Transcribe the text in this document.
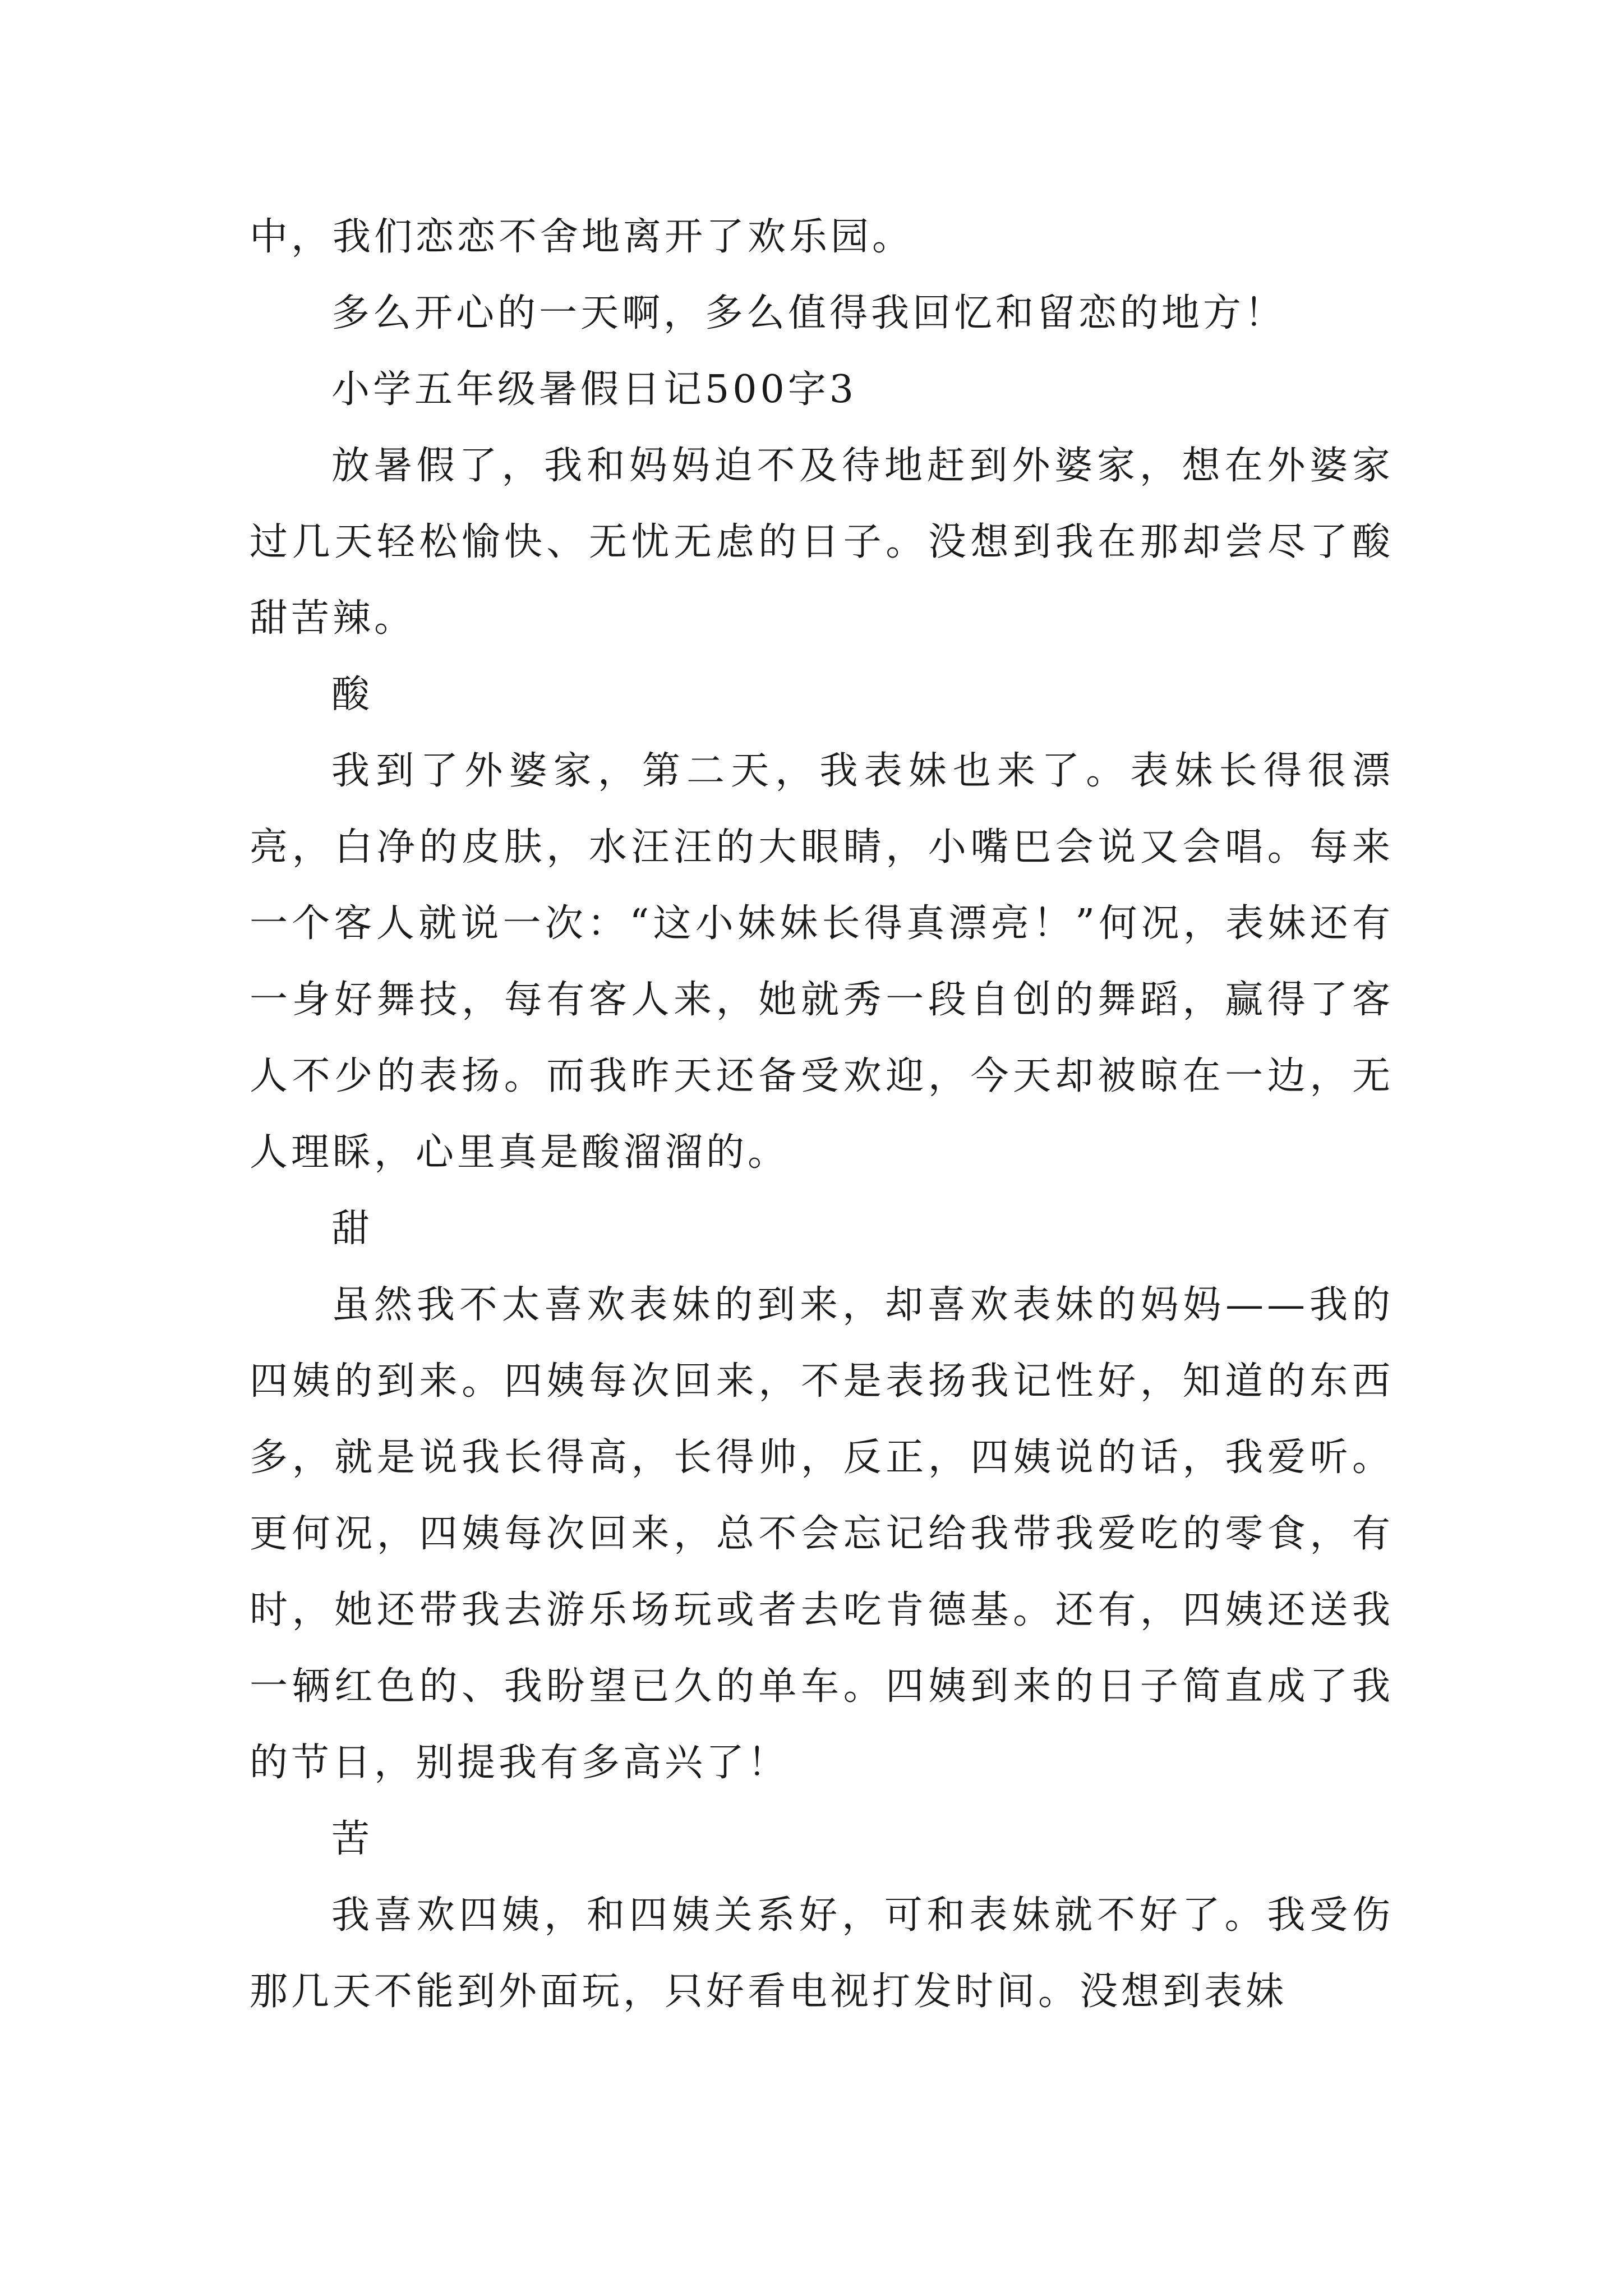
中，我们恋恋不舍地离开了欢乐园。

多么开心的一天啊，多么值得我回忆和留恋的地方！

小学五年级暑假日记500字3

放暑假了，我和妈妈迫不及待地赶到外婆家，想在外婆家过几天轻松愉快、无忧无虑的日子。没想到我在那却尝尽了酸甜苦辣。

酸

我到了外婆家，第二天，我表妹也来了。表妹长得很漂亮，白净的皮肤，水汪汪的大眼睛，小嘴巴会说又会唱。每来一个客人就说一次：“这小妹妹长得真漂亮！”何况，表妹还有一身好舞技，每有客人来，她就秀一段自创的舞蹈，赢得了客人不少的表扬。而我昨天还备受欢迎，今天却被晾在一边，无人理睬，心里真是酸溜溜的。

甜

虽然我不太喜欢表妹的到来，却喜欢表妹的妈妈——我的四姨的到来。四姨每次回来，不是表扬我记性好，知道的东西多，就是说我长得高，长得帅，反正，四姨说的话，我爱听。更何况，四姨每次回来，总不会忘记给我带我爱吃的零食，有时，她还带我去游乐场玩或者去吃肯德基。还有，四姨还送我一辆红色的、我盼望已久的单车。四姨到来的日子简直成了我的节日，别提我有多高兴了！

苦

我喜欢四姨，和四姨关系好，可和表妹就不好了。我受伤那几天不能到外面玩，只好看电视打发时间。没想到表妹
